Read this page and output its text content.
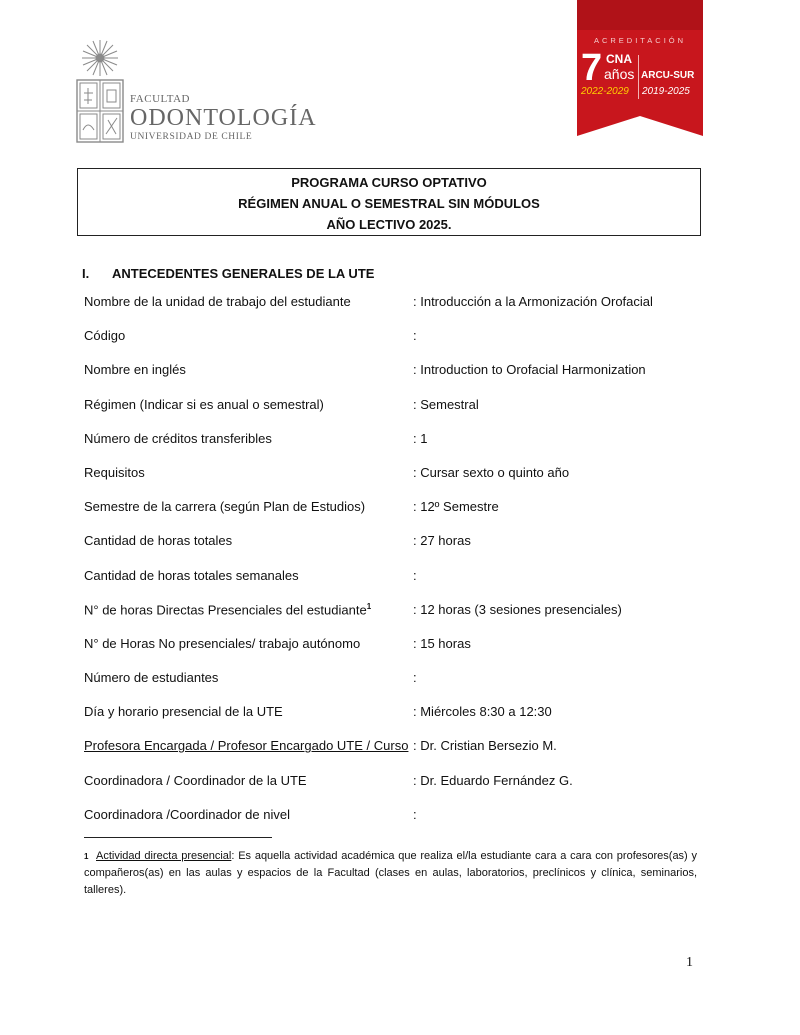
FACULTAD
ODONTOLOGÍA
UNIVERSIDAD DE CHILE
ACREDITACIÓN
7 CNA
años
2022-2029
ARCU-SUR
2019-2025
PROGRAMA CURSO OPTATIVO
RÉGIMEN ANUAL O SEMESTRAL SIN MÓDULOS
AÑO LECTIVO 2025.
I. ANTECEDENTES GENERALES DE LA UTE
Nombre de la unidad de trabajo del estudiante	: Introducción a la Armonización Orofacial
Código	:
Nombre en inglés	: Introduction to Orofacial Harmonization
Régimen (Indicar si es anual o semestral)	: Semestral
Número de créditos transferibles	: 1
Requisitos	: Cursar sexto o quinto año
Semestre de la carrera (según Plan de Estudios)	: 12º Semestre
Cantidad de horas totales	: 27 horas
Cantidad de horas totales semanales	:
N° de horas Directas Presenciales del estudiante$^1$	: 12 horas (3 sesiones presenciales)
N° de Horas No presenciales/ trabajo autónomo	: 15 horas
Número de estudiantes	:
Día y horario presencial de la UTE	: Miércoles 8:30 a 12:30
Profesora Encargada / Profesor Encargado UTE / Curso : Dr. Cristian Bersezio M.
Coordinadora / Coordinador de la UTE	: Dr. Eduardo Fernández G.
Coordinadora /Coordinador de nivel	:
$^1$ Actividad directa presencial: Es aquella actividad académica que realiza el/la estudiante cara a cara con profesores(as) y compañeros(as) en las aulas y espacios de la Facultad (clases en aulas, laboratorios, preclínicos y clínica, seminarios, talleres).
1
